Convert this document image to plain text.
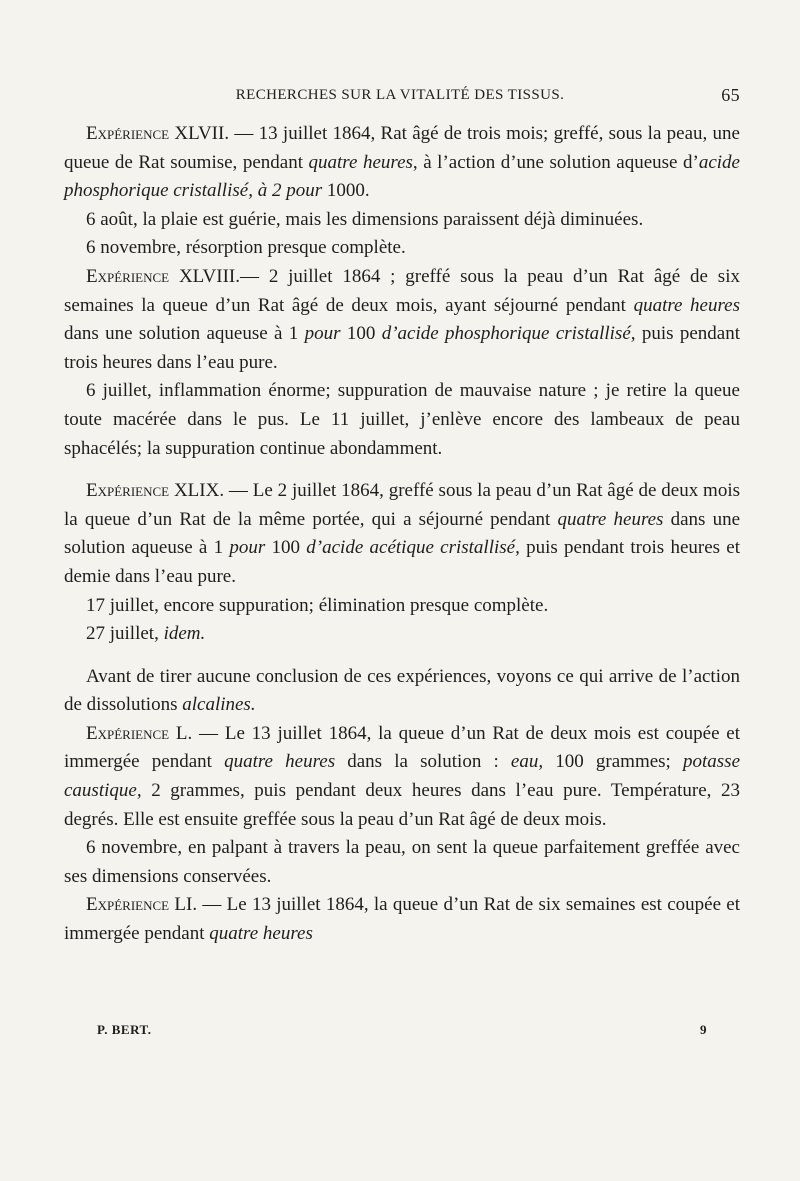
RECHERCHES SUR LA VITALITÉ DES TISSUS.	65

Expérience XLVII. — 13 juillet 1864, Rat âgé de trois mois; greffé, sous la peau, une queue de Rat soumise, pendant quatre heures, à l’action d’une solution aqueuse d’acide phosphorique cristallisé, à 2 pour 1000.

6 août, la plaie est guérie, mais les dimensions paraissent déjà diminuées.

6 novembre, résorption presque complète.

Expérience XLVIII.— 2 juillet 1864 ; greffé sous la peau d’un Rat âgé de six semaines la queue d’un Rat âgé de deux mois, ayant séjourné pendant quatre heures dans une solution aqueuse à 1 pour 100 d’acide phosphorique cristallisé, puis pendant trois heures dans l’eau pure.

6 juillet, inflammation énorme; suppuration de mauvaise nature ; je retire la queue toute macérée dans le pus. Le 11 juillet, j’enlève encore des lambeaux de peau sphacélés; la suppuration continue abondamment.

Expérience XLIX. — Le 2 juillet 1864, greffé sous la peau d’un Rat âgé de deux mois la queue d’un Rat de la même portée, qui a séjourné pendant quatre heures dans une solution aqueuse à 1 pour 100 d’acide acétique cristallisé, puis pendant trois heures et demie dans l’eau pure.

17 juillet, encore suppuration; élimination presque complète.

27 juillet, idem.

Avant de tirer aucune conclusion de ces expériences, voyons ce qui arrive de l’action de dissolutions alcalines.

Expérience L. — Le 13 juillet 1864, la queue d’un Rat de deux mois est coupée et immergée pendant quatre heures dans la solution : eau, 100 grammes; potasse caustique, 2 grammes, puis pendant deux heures dans l’eau pure. Température, 23 degrés. Elle est ensuite greffée sous la peau d’un Rat âgé de deux mois.

6 novembre, en palpant à travers la peau, on sent la queue parfaitement greffée avec ses dimensions conservées.

Expérience LI. — Le 13 juillet 1864, la queue d’un Rat de six semaines est coupée et immergée pendant quatre heures

P. BERT.	9
